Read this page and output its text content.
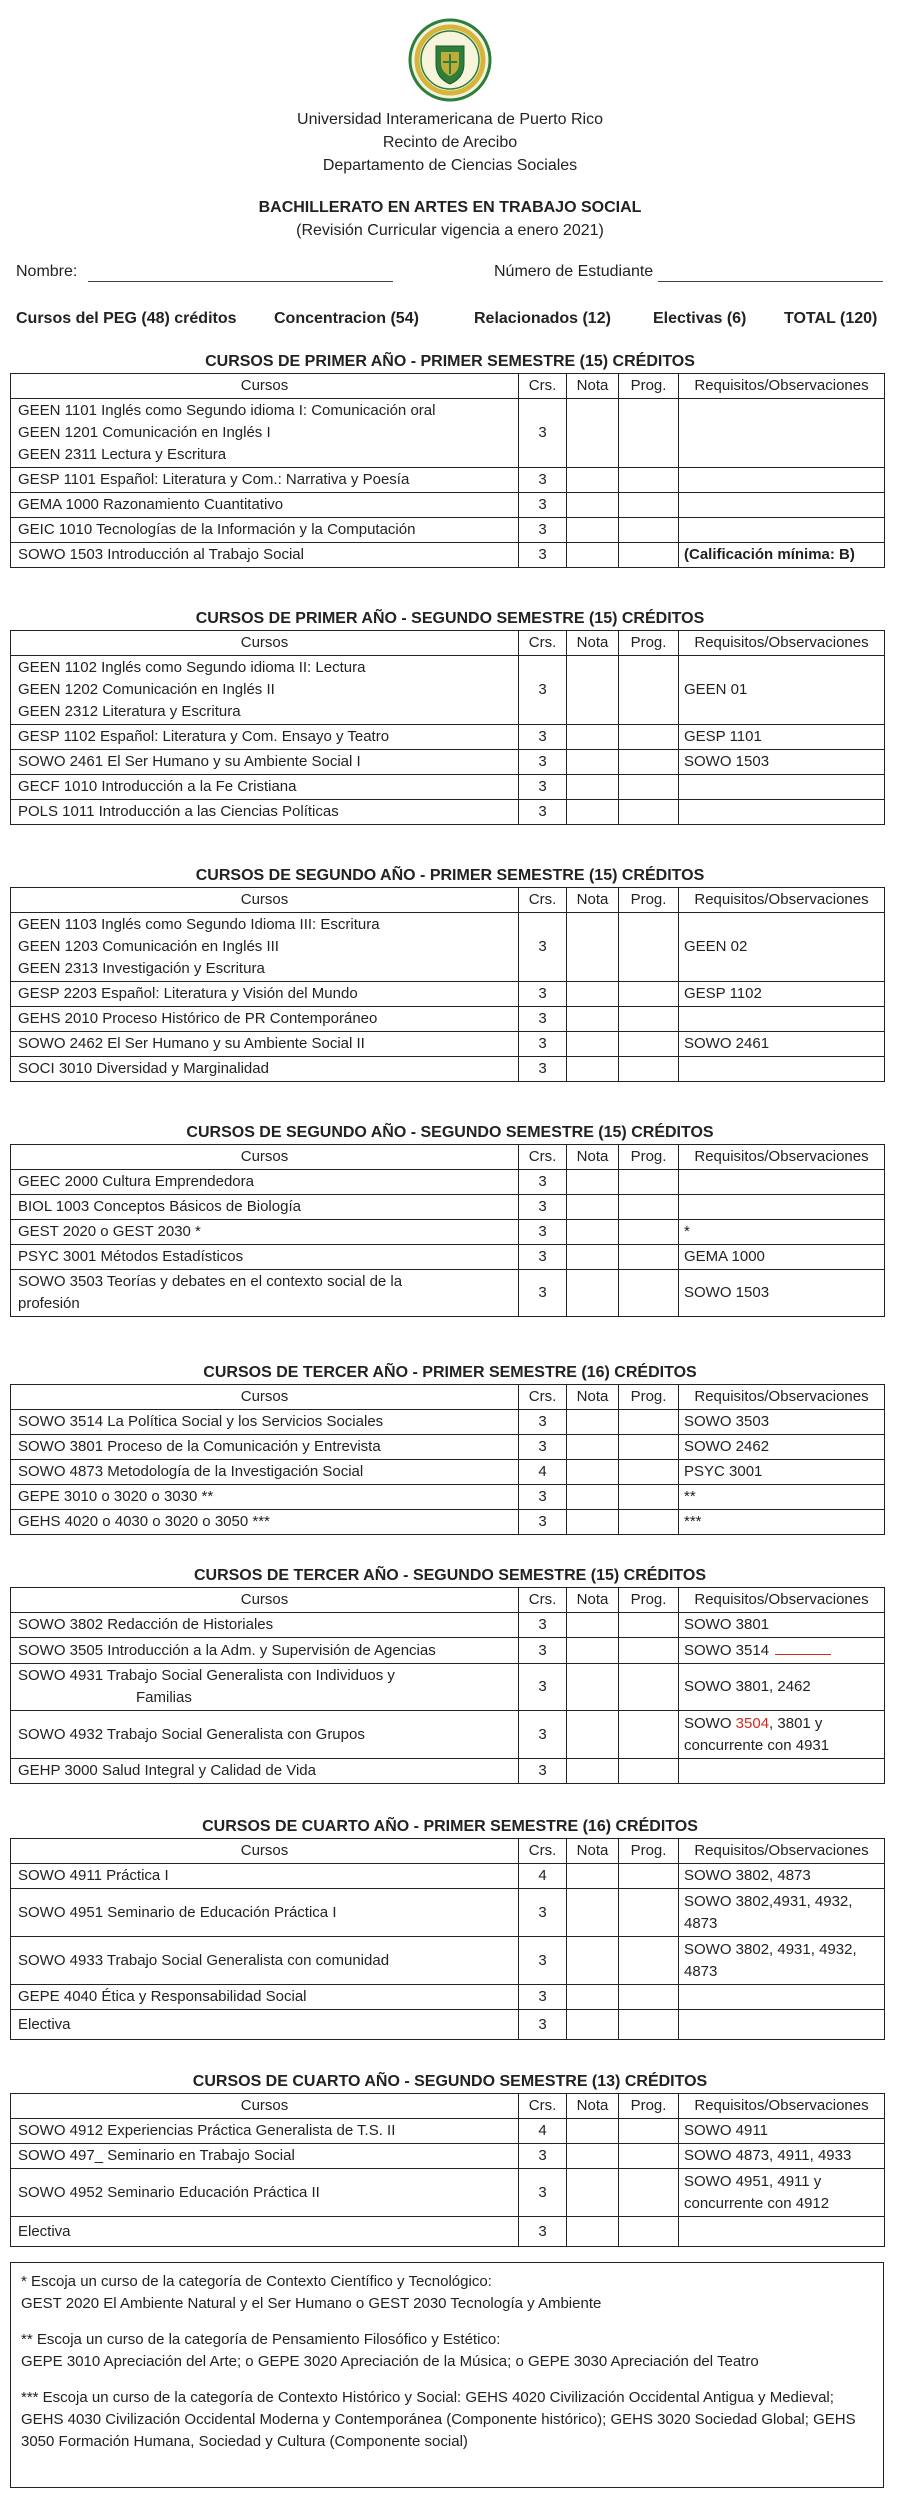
Universidad Interamericana de Puerto Rico
Recinto de Arecibo
Departamento de Ciencias Sociales
BACHILLERATO EN ARTES EN TRABAJO SOCIAL
(Revisión Curricular vigencia a enero 2021)
Nombre:	Número de Estudiante
Cursos del PEG (48) créditos Concentracion (54)	Relacionados (12)	Electivas (6) TOTAL (120)
CURSOS DE PRIMER AÑO - PRIMER SEMESTRE (15) CRÉDITOS
Cursos	Crs.	Nota	Prog.	Requisitos/Observaciones

GEEN 1101 Inglés como Segundo idioma I: Comunicación oral
GEEN 1201 Comunicación en Inglés I
GEEN 2311 Lectura y Escritura	3			
GESP 1101 Español: Literatura y Com.: Narrativa y Poesía	3			
GEMA 1000 Razonamiento Cuantitativo	3			
GEIC 1010 Tecnologías de la Información y la Computación	3			
SOWO 1503 Introducción al Trabajo Social	3			(Calificación mínima: B)
CURSOS DE PRIMER AÑO - SEGUNDO SEMESTRE (15) CRÉDITOS
Cursos	Crs.	Nota	Prog.	Requisitos/Observaciones

GEEN 1102 Inglés como Segundo idioma II: Lectura
GEEN 1202 Comunicación en Inglés II
GEEN 2312 Literatura y Escritura	3			GEEN 01
GESP 1102 Español: Literatura y Com. Ensayo y Teatro	3			GESP 1101
SOWO 2461 El Ser Humano y su Ambiente Social I	3			SOWO 1503
GECF 1010 Introducción a la Fe Cristiana	3			
POLS 1011 Introducción a las Ciencias Políticas	3			
CURSOS DE SEGUNDO AÑO - PRIMER SEMESTRE (15) CRÉDITOS
Cursos	Crs.	Nota	Prog.	Requisitos/Observaciones

GEEN 1103 Inglés como Segundo Idioma III: Escritura
GEEN 1203 Comunicación en Inglés III
GEEN 2313 Investigación y Escritura	3			GEEN 02
GESP 2203 Español: Literatura y Visión del Mundo	3			GESP 1102
GEHS 2010 Proceso Histórico de PR Contemporáneo	3			
SOWO 2462 El Ser Humano y su Ambiente Social II	3			SOWO 2461
SOCI 3010 Diversidad y Marginalidad	3			
CURSOS DE SEGUNDO AÑO - SEGUNDO SEMESTRE (15) CRÉDITOS
Cursos	Crs.	Nota	Prog.	Requisitos/Observaciones
GEEC 2000 Cultura Emprendedora	3			
BIOL 1003 Conceptos Básicos de Biología	3			
GEST 2020 o GEST 2030 *	3			*
PSYC 3001 Métodos Estadísticos	3			GEMA 1000

SOWO 3503 Teorías y debates en el contexto social de la
profesión	3			SOWO 1503
CURSOS DE TERCER AÑO - PRIMER SEMESTRE (16) CRÉDITOS
Cursos	Crs.	Nota	Prog.	Requisitos/Observaciones
SOWO 3514 La Política Social y los Servicios Sociales	3			SOWO 3503
SOWO 3801 Proceso de la Comunicación y Entrevista	3			SOWO 2462
SOWO 4873 Metodología de la Investigación Social	4			PSYC 3001
GEPE 3010 o 3020 o 3030 **	3			**
GEHS 4020 o 4030 o 3020 o 3050 ***	3			***
CURSOS DE TERCER AÑO - SEGUNDO SEMESTRE (15) CRÉDITOS
Cursos	Crs.	Nota	Prog.	Requisitos/Observaciones
SOWO 3802 Redacción de Historiales	3			SOWO 3801
SOWO 3505 Introducción a la Adm. y Supervisión de Agencias	3			SOWO 3514

SOWO 4931 Trabajo Social Generalista con Individuos y
Familias	3			SOWO 3801, 2462
SOWO 4932 Trabajo Social Generalista con Grupos	3			SOWO 3504, 3801 y concurrente con 4931
GEHP 3000 Salud Integral y Calidad de Vida	3			
CURSOS DE CUARTO AÑO - PRIMER SEMESTRE (16) CRÉDITOS
Cursos	Crs.	Nota	Prog.	Requisitos/Observaciones
SOWO 4911 Práctica I	4			SOWO 3802, 4873
SOWO 4951 Seminario de Educación Práctica I	3			SOWO 3802,4931, 4932, 4873
SOWO 4933 Trabajo Social Generalista con comunidad	3			SOWO 3802, 4931, 4932, 4873
GEPE 4040 Ética y Responsabilidad Social	3			
Electiva	3			
CURSOS DE CUARTO AÑO - SEGUNDO SEMESTRE (13) CRÉDITOS
Cursos	Crs.	Nota	Prog.	Requisitos/Observaciones
SOWO 4912 Experiencias Práctica Generalista de T.S. II	4			SOWO 4911
SOWO 497_ Seminario en Trabajo Social	3			SOWO 4873, 4911, 4933
SOWO 4952 Seminario Educación Práctica II	3			SOWO 4951, 4911 y concurrente con 4912
Electiva	3			

* Escoja un curso de la categoría de Contexto Científico y Tecnológico:
GEST 2020 El Ambiente Natural y el Ser Humano o GEST 2030 Tecnología y Ambiente

** Escoja un curso de la categoría de Pensamiento Filosófico y Estético:
GEPE 3010 Apreciación del Arte; o GEPE 3020 Apreciación de la Música; o GEPE 3030 Apreciación del Teatro

*** Escoja un curso de la categoría de Contexto Histórico y Social: GEHS 4020 Civilización Occidental Antigua y Medieval; GEHS 4030 Civilización Occidental Moderna y Contemporánea (Componente histórico); GEHS 3020 Sociedad Global; GEHS 3050 Formación Humana, Sociedad y Cultura (Componente social)
